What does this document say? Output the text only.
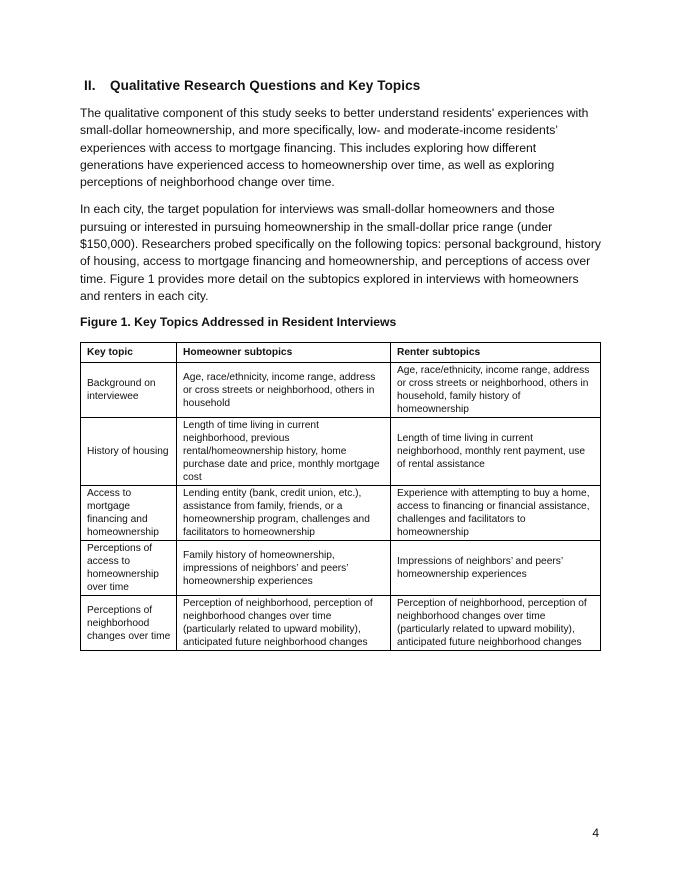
II. Qualitative Research Questions and Key Topics

The qualitative component of this study seeks to better understand residents' experiences with small-dollar homeownership, and more specifically, low- and moderate-income residents’ experiences with access to mortgage financing. This includes exploring how different generations have experienced access to homeownership over time, as well as exploring perceptions of neighborhood change over time.

In each city, the target population for interviews was small-dollar homeowners and those pursuing or interested in pursuing homeownership in the small-dollar price range (under $150,000). Researchers probed specifically on the following topics: personal background, history of housing, access to mortgage financing and homeownership, and perceptions of access over time. Figure 1 provides more detail on the subtopics explored in interviews with homeowners and renters in each city.

Figure 1. Key Topics Addressed in Resident Interviews
Key topic	Homeowner subtopics	Renter subtopics
Background on interviewee	Age, race/ethnicity, income range, address or cross streets or neighborhood, others in household	Age, race/ethnicity, income range, address or cross streets or neighborhood, others in household, family history of homeownership
History of housing	Length of time living in current neighborhood, previous rental/homeownership history, home purchase date and price, monthly mortgage cost	Length of time living in current neighborhood, monthly rent payment, use of rental assistance
Access to mortgage financing and homeownership	Lending entity (bank, credit union, etc.), assistance from family, friends, or a homeownership program, challenges and facilitators to homeownership	Experience with attempting to buy a home, access to financing or financial assistance, challenges and facilitators to homeownership
Perceptions of access to homeownership over time	Family history of homeownership, impressions of neighbors’ and peers’ homeownership experiences	Impressions of neighbors’ and peers’ homeownership experiences
Perceptions of neighborhood changes over time	Perception of neighborhood, perception of neighborhood changes over time (particularly related to upward mobility), anticipated future neighborhood changes	Perception of neighborhood, perception of neighborhood changes over time (particularly related to upward mobility), anticipated future neighborhood changes
4
